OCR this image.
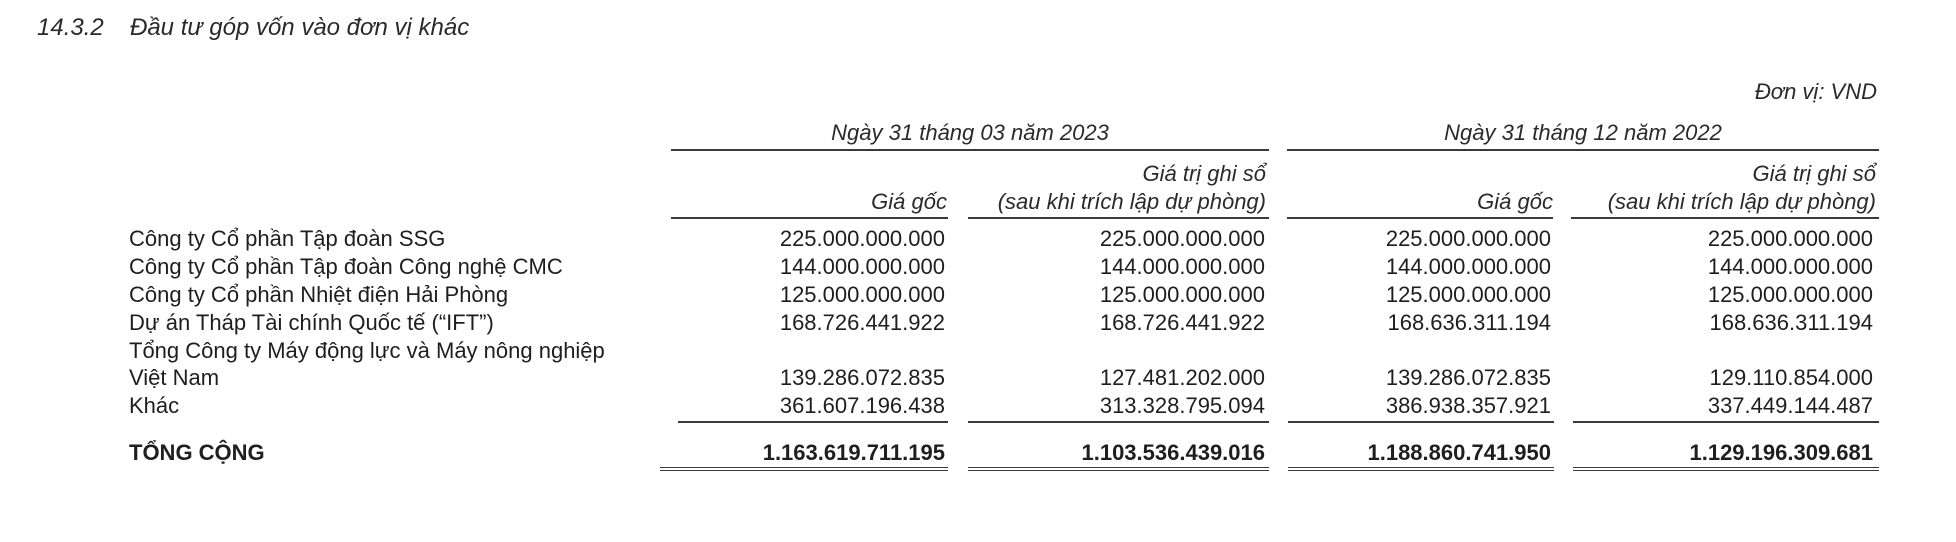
14.3.2 Đầu tư góp vốn vào đơn vị khác
Đơn vị: VND
Ngày 31 tháng 03 năm 2023	Ngày 31 tháng 12 năm 2022
Giá gốc
Giá trị ghi sổ
(sau khi trích lập dự phòng)	Giá gốc
Giá trị ghi sổ
(sau khi trích lập dự phòng)
Công ty Cổ phần Tập đoàn SSG
Công ty Cổ phần Tập đoàn Công nghệ CMC
Công ty Cổ phần Nhiệt điện Hải Phòng
Dự án Tháp Tài chính Quốc tế (“IFT”)
Tổng Công ty Máy động lực và Máy nông nghiệp
Việt Nam
Khác
TỔNG CỘNG
225.000.000.000
144.000.000.000
125.000.000.000
168.726.441.922
139.286.072.835
361.607.196.438
1.163.619.711.195
225.000.000.000
144.000.000.000
125.000.000.000
168.726.441.922
127.481.202.000
313.328.795.094
1.103.536.439.016
225.000.000.000
144.000.000.000
125.000.000.000
168.636.311.194
139.286.072.835
386.938.357.921
1.188.860.741.950
225.000.000.000
144.000.000.000
125.000.000.000
168.636.311.194
129.110.854.000
337.449.144.487
1.129.196.309.681
